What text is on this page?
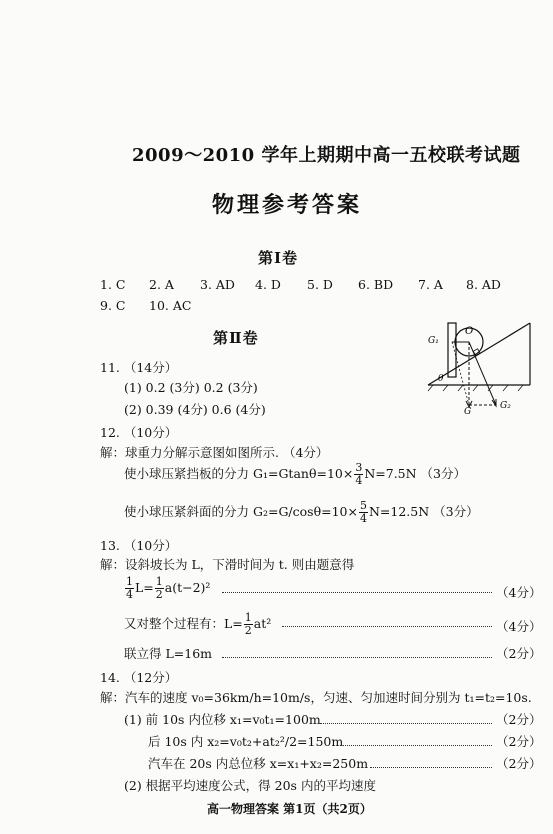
2009～2010 学年上期期中高一五校联考试题
物理参考答案
第Ⅰ卷
1. C 2. A 3. AD 4. D 5. D 6. BD 7. A 8. AD
9. C 10. AC
第Ⅱ卷	O
G₁
θ
G
G₂
11. （14分）
(1) 0.2 (3分) 0.2 (3分)
(2) 0.39 (4分) 0.6 (4分)
12. （10分）
解：球重力分解示意图如图所示. （4分）
使小球压紧挡板的分力 $G_1=Gtan\theta=10\times \frac{3}{4} N=7.5N$ （3分）
使小球压紧斜面的分力 $G_2=G/\cos\theta=10\times \frac{5}{4} N=12.5N$ （3分）
13. （10分）
解：设斜坡长为 L，下滑时间为 t. 则由题意得
$\frac{1}{4} L= \frac{1}{2} a(t-2)^2$	（4分）
又对整个过程有：$L= \frac{1}{2} at^2$	（4分）
联立得 L=16m	（2分）
14. （12分）
解：汽车的速度 v₀=36km/h=10m/s，匀速、匀加速时间分别为 t₁=t₂=10s.
(1) 前 10s 内位移 x₁=v₀t₁=100m	（2分）
后 10s 内 x₂=v₀t₂+at₂²/2=150m	（2分）
汽车在 20s 内总位移 x=x₁+x₂=250m	（2分）
(2) 根据平均速度公式，得 20s 内的平均速度
高一物理答案 第1页（共2页）
